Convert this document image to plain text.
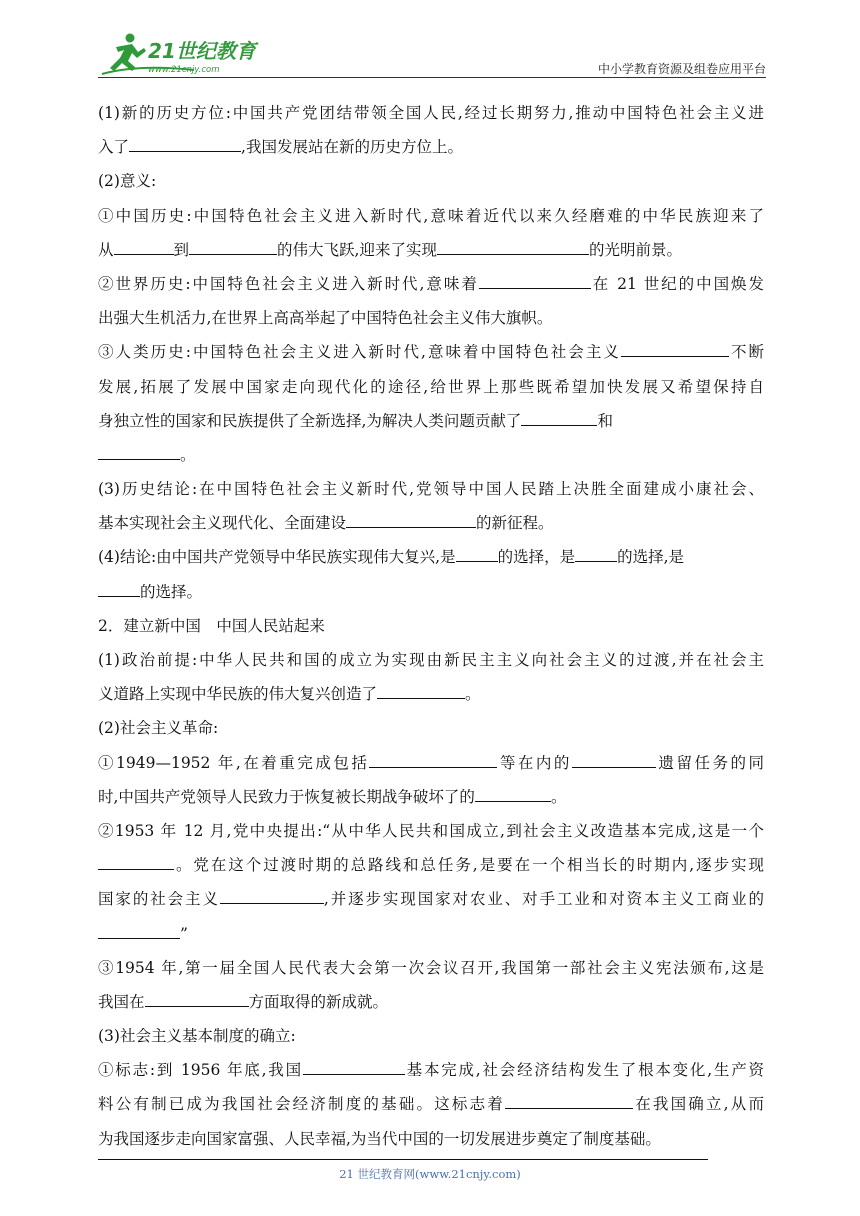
21世纪教育
www.21cnjy.com	中小学教育资源及组卷应用平台
(1)新的历史方位:中国共产党团结带领全国人民,经过长期努力,推动中国特色社会主义进
入了	,我国发展站在新的历史方位上。
(2)意义:
①中国历史:中国特色社会主义进入新时代,意味着近代以来久经磨难的中华民族迎来了
从	到	的伟大飞跃,迎来了实现	的光明前景。
②世界历史:中国特色社会主义进入新时代,意味着	在 21 世纪的中国焕发
出强大生机活力,在世界上高高举起了中国特色社会主义伟大旗帜。
③人类历史:中国特色社会主义进入新时代,意味着中国特色社会主义	不断
发展,拓展了发展中国家走向现代化的途径,给世界上那些既希望加快发展又希望保持自
身独立性的国家和民族提供了全新选择,为解决人类问题贡献了	和
。
(3)历史结论:在中国特色社会主义新时代,党领导中国人民踏上决胜全面建成小康社会、
基本实现社会主义现代化、全面建设	的新征程。
(4)结论:由中国共产党领导中华民族实现伟大复兴,是	的选择，是	的选择,是
的选择。
2．建立新中国　中国人民站起来
(1)政治前提:中华人民共和国的成立为实现由新民主主义向社会主义的过渡,并在社会主
义道路上实现中华民族的伟大复兴创造了	。
(2)社会主义革命:
①1949—1952 年,在着重完成包括	等在内的	遗留任务的同
时,中国共产党领导人民致力于恢复被长期战争破坏了的	。
②1953 年 12 月,党中央提出:“从中华人民共和国成立,到社会主义改造基本完成,这是一个
。党在这个过渡时期的总路线和总任务,是要在一个相当长的时期内,逐步实现
国家的社会主义	,并逐步实现国家对农业、对手工业和对资本主义工商业的
”
③1954 年,第一届全国人民代表大会第一次会议召开,我国第一部社会主义宪法颁布,这是
我国在	方面取得的新成就。
(3)社会主义基本制度的确立:
①标志:到 1956 年底,我国	基本完成,社会经济结构发生了根本变化,生产资
料公有制已成为我国社会经济制度的基础。这标志着	在我国确立,从而
为我国逐步走向国家富强、人民幸福,为当代中国的一切发展进步奠定了制度基础。
21 世纪教育网(www.21cnjy.com)
